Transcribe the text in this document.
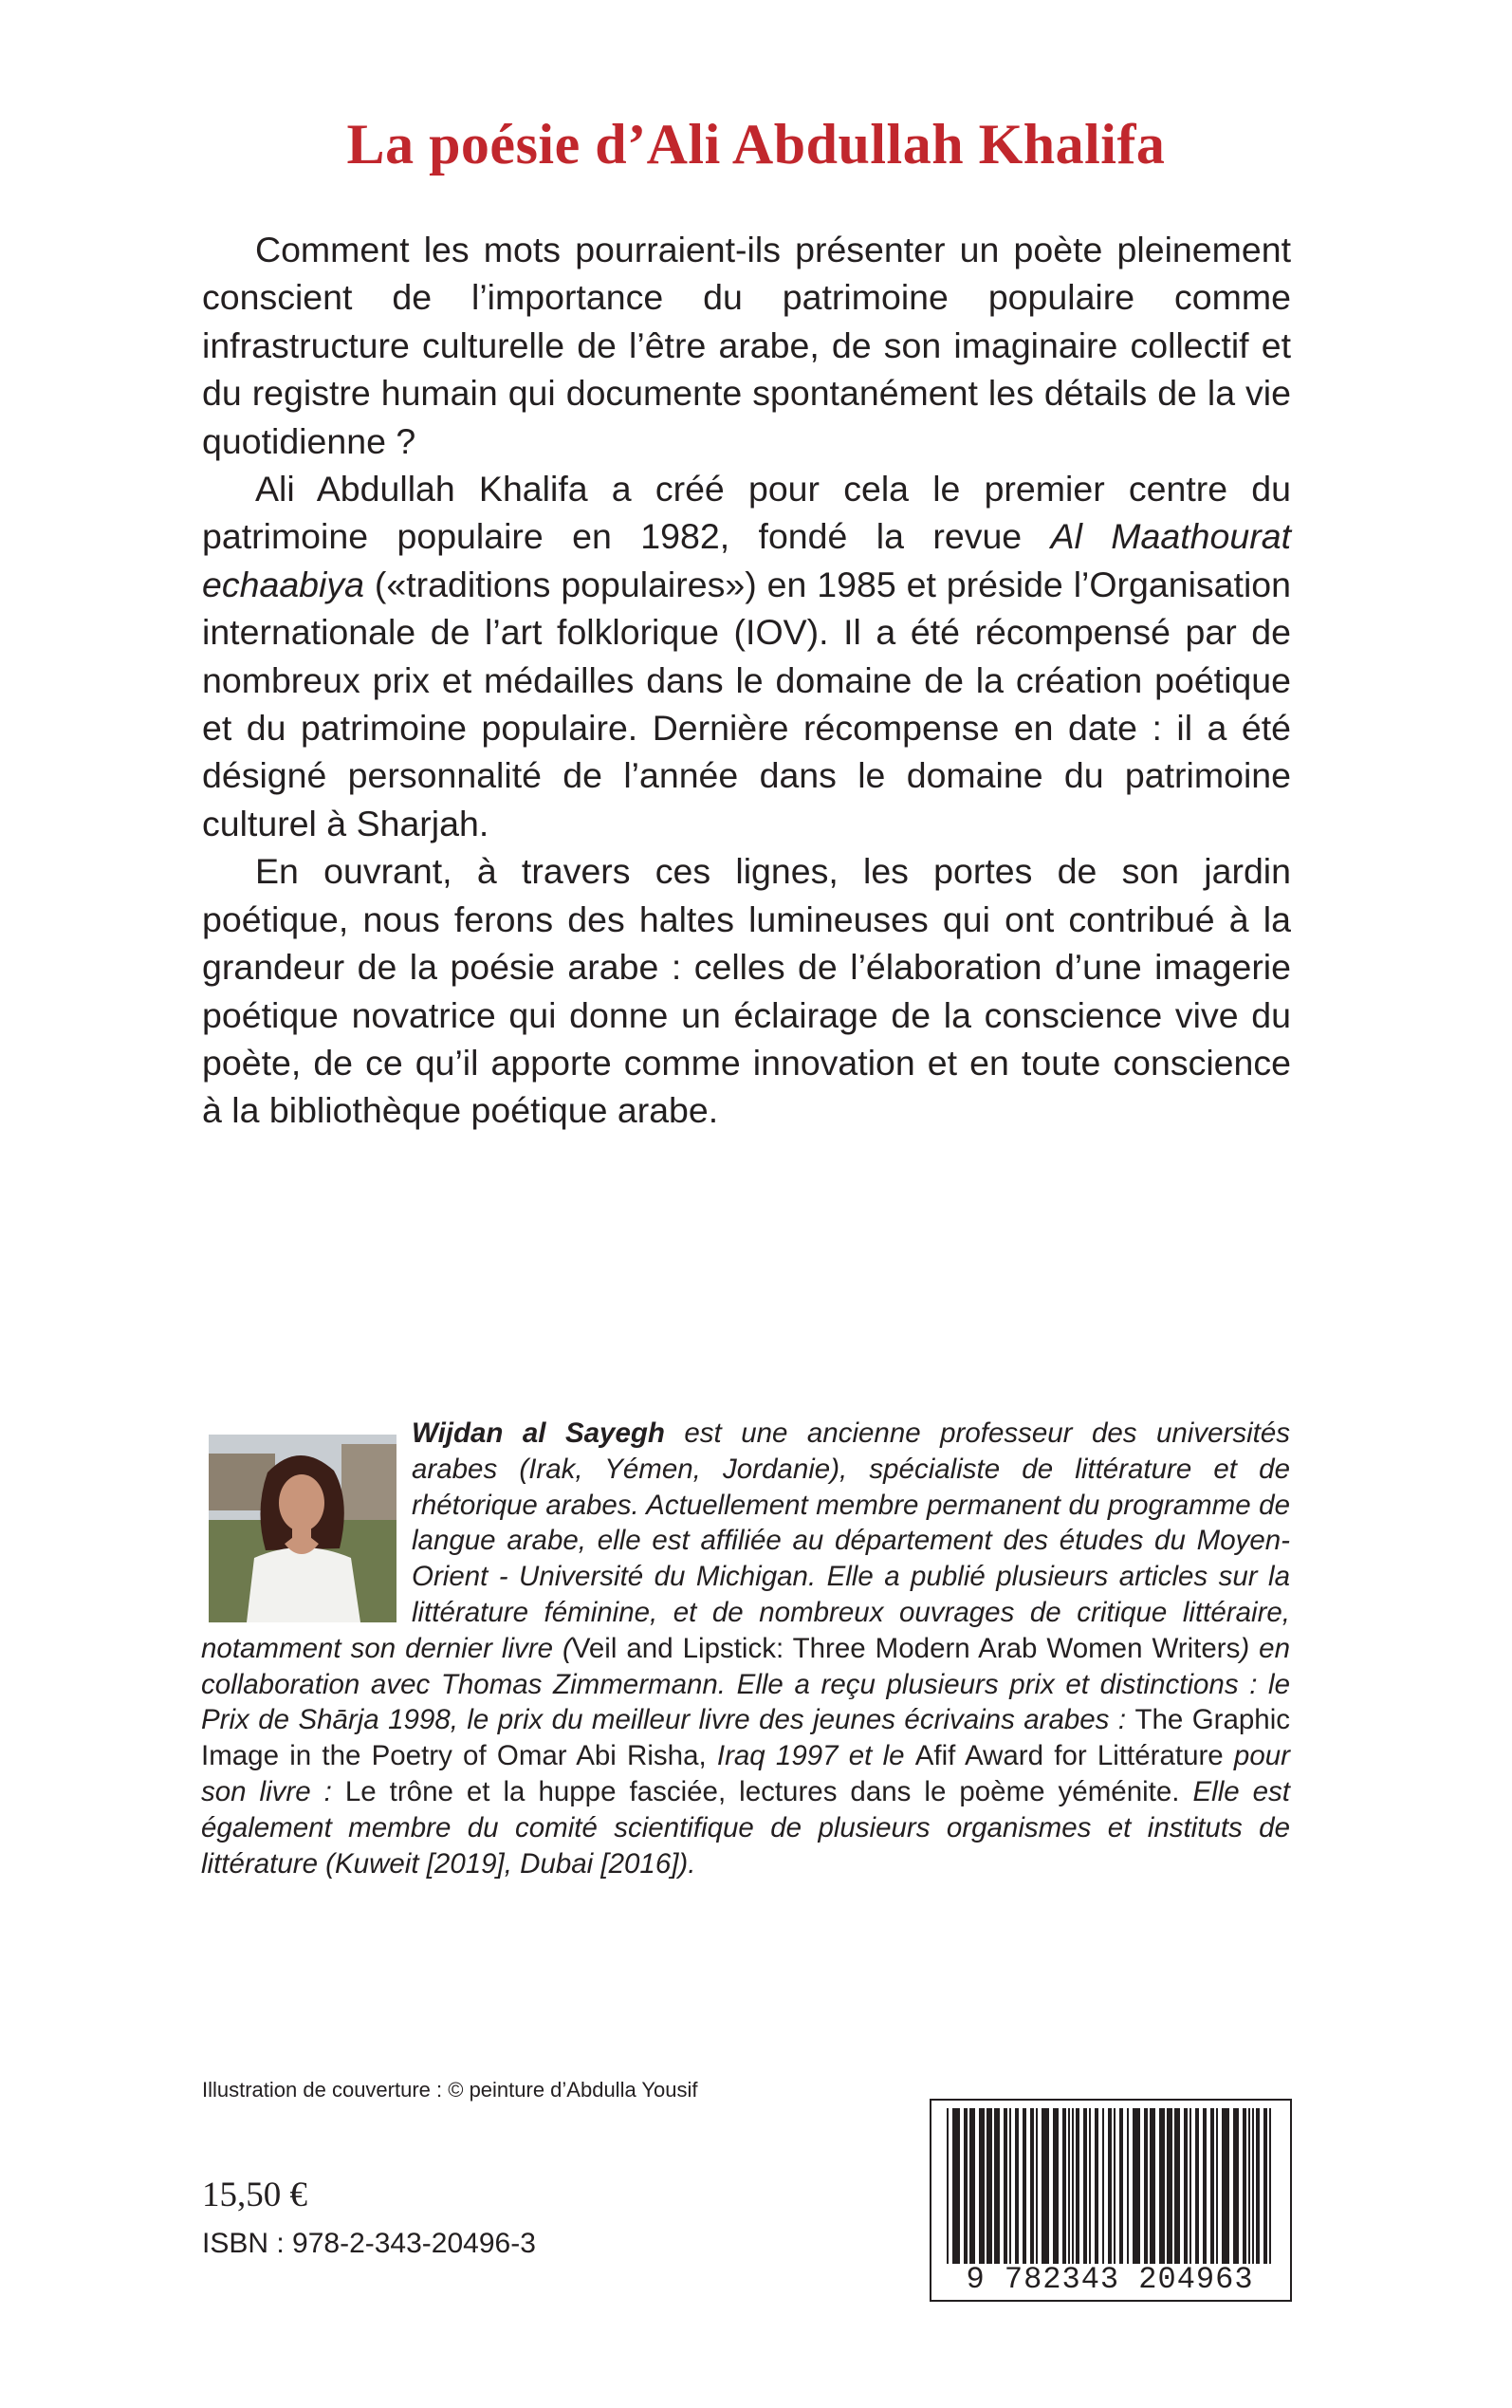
La poésie d’Ali Abdullah Khalifa

Comment les mots pourraient-ils présenter un poète pleinement conscient de l’importance du patrimoine populaire comme infrastructure culturelle de l’être arabe, de son imaginaire collectif et du registre humain qui documente spontanément les détails de la vie quotidienne ?

Ali Abdullah Khalifa a créé pour cela le premier centre du patrimoine populaire en 1982, fondé la revue Al Maathourat echaabiya («traditions populaires») en 1985 et préside l’Organisation internationale de l’art folklorique (IOV). Il a été récompensé par de nombreux prix et médailles dans le domaine de la création poétique et du patrimoine populaire. Dernière récompense en date : il a été désigné personnalité de l’année dans le domaine du patrimoine culturel à Sharjah.

En ouvrant, à travers ces lignes, les portes de son jardin poétique, nous ferons des haltes lumineuses qui ont contribué à la grandeur de la poésie arabe : celles de l’élaboration d’une imagerie poétique novatrice qui donne un éclairage de la conscience vive du poète, de ce qu’il apporte comme innovation et en toute conscience à la bibliothèque poétique arabe.

Wijdan al Sayegh est une ancienne professeur des universités arabes (Irak, Yémen, Jordanie), spécialiste de littérature et de rhétorique arabes. Actuellement membre permanent du programme de langue arabe, elle est affiliée au département des études du Moyen-Orient - Université du Michigan. Elle a publié plusieurs articles sur la littérature féminine, et de nombreux ouvrages de critique littéraire, notamment son dernier livre (Veil and Lipstick: Three Modern Arab Women Writers) en collaboration avec Thomas Zimmermann. Elle a reçu plusieurs prix et distinctions : le Prix de Shārja 1998, le prix du meilleur livre des jeunes écrivains arabes : The Graphic Image in the Poetry of Omar Abi Risha, Iraq 1997 et le Afif Award for Littérature pour son livre : Le trône et la huppe fasciée, lectures dans le poème yéménite. Elle est également membre du comité scientifique de plusieurs organismes et instituts de littérature (Kuweit [2019], Dubai [2016]).
Illustration de couverture : © peinture d’Abdulla Yousif
15,50 €
ISBN : 978-2-343-20496-3
9 782343 204963
